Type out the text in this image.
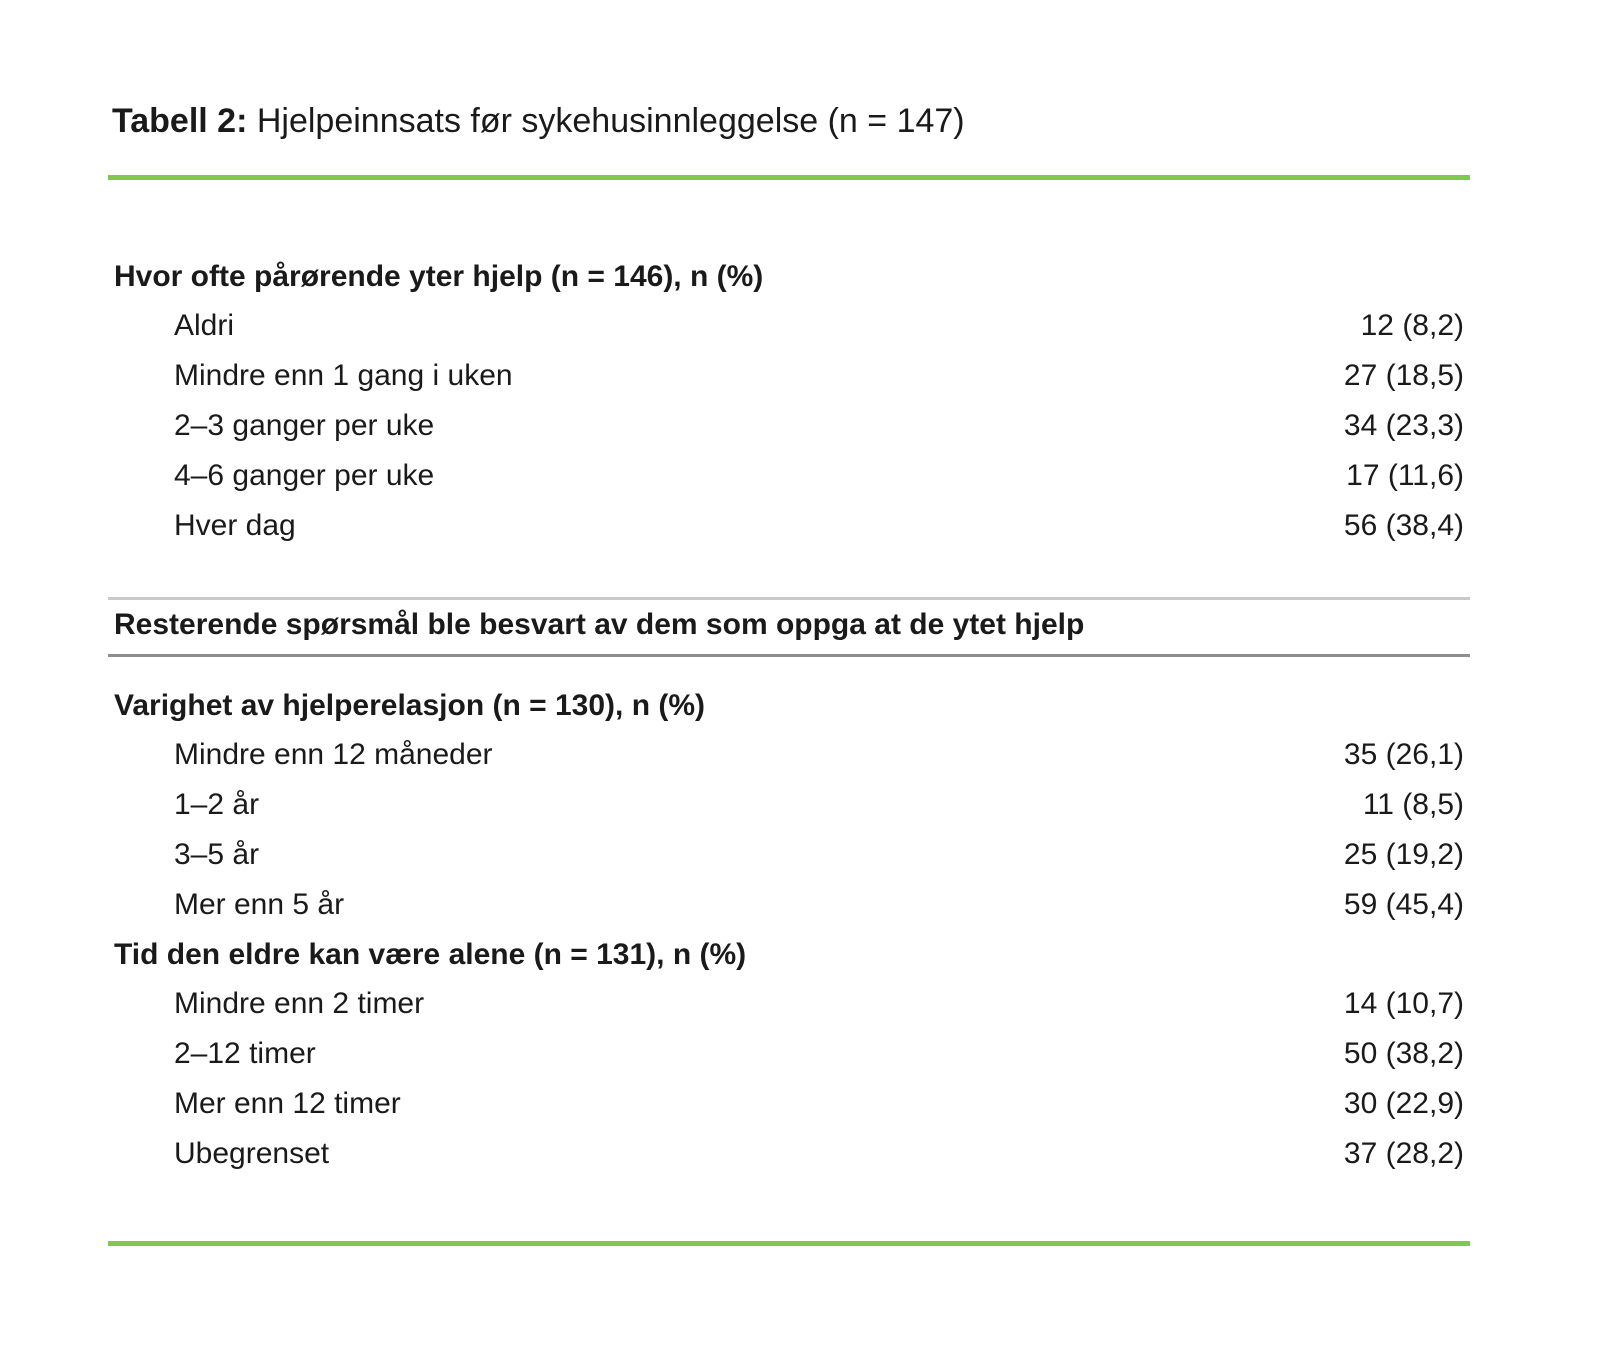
Tabell 2: Hjelpeinnsats før sykehusinnleggelse (n = 147)
Hvor ofte pårørende yter hjelp (n = 146), n (%)
Aldri	12 (8,2)
Mindre enn 1 gang i uken	27 (18,5)
2–3 ganger per uke	34 (23,3)
4–6 ganger per uke	17 (11,6)
Hver dag	56 (38,4)
Resterende spørsmål ble besvart av dem som oppga at de ytet hjelp
Varighet av hjelperelasjon (n = 130), n (%)
Mindre enn 12 måneder	35 (26,1)
1–2 år	11 (8,5)
3–5 år	25 (19,2)
Mer enn 5 år	59 (45,4)
Tid den eldre kan være alene (n = 131), n (%)
Mindre enn 2 timer	14 (10,7)
2–12 timer	50 (38,2)
Mer enn 12 timer	30 (22,9)
Ubegrenset	37 (28,2)
